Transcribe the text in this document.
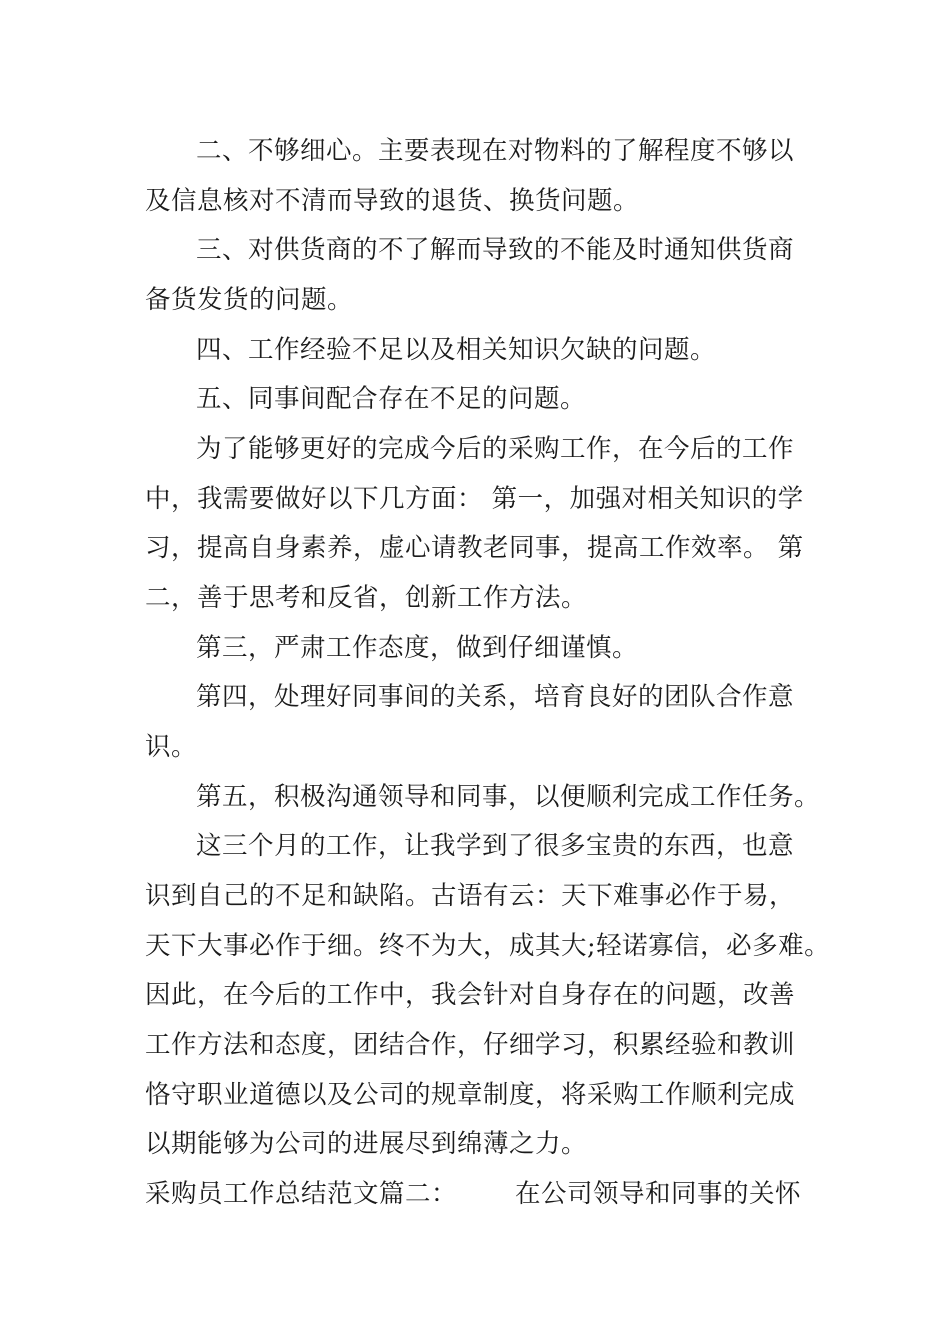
二、不够细心。主要表现在对物料的了解程度不够以
及信息核对不清而导致的退货、换货问题。
三、对供货商的不了解而导致的不能及时通知供货商
备货发货的问题。
四、工作经验不足以及相关知识欠缺的问题。
五、同事间配合存在不足的问题。
为了能够更好的完成今后的采购工作，在今后的工作
中，我需要做好以下几方面： 第一，加强对相关知识的学
习，提高自身素养，虚心请教老同事，提高工作效率。 第
二，善于思考和反省，创新工作方法。
第三，严肃工作态度，做到仔细谨慎。
第四，处理好同事间的关系，培育良好的团队合作意
识。
第五，积极沟通领导和同事，以便顺利完成工作任务。
这三个月的工作，让我学到了很多宝贵的东西，也意
识到自己的不足和缺陷。古语有云：天下难事必作于易，
天下大事必作于细。终不为大，成其大;轻诺寡信，必多难。
因此，在今后的工作中，我会针对自身存在的问题，改善
工作方法和态度，团结合作，仔细学习，积累经验和教训
恪守职业道德以及公司的规章制度，将采购工作顺利完成
以期能够为公司的进展尽到绵薄之力。
采购员工作总结范文篇二： 在公司领导和同事的关怀
